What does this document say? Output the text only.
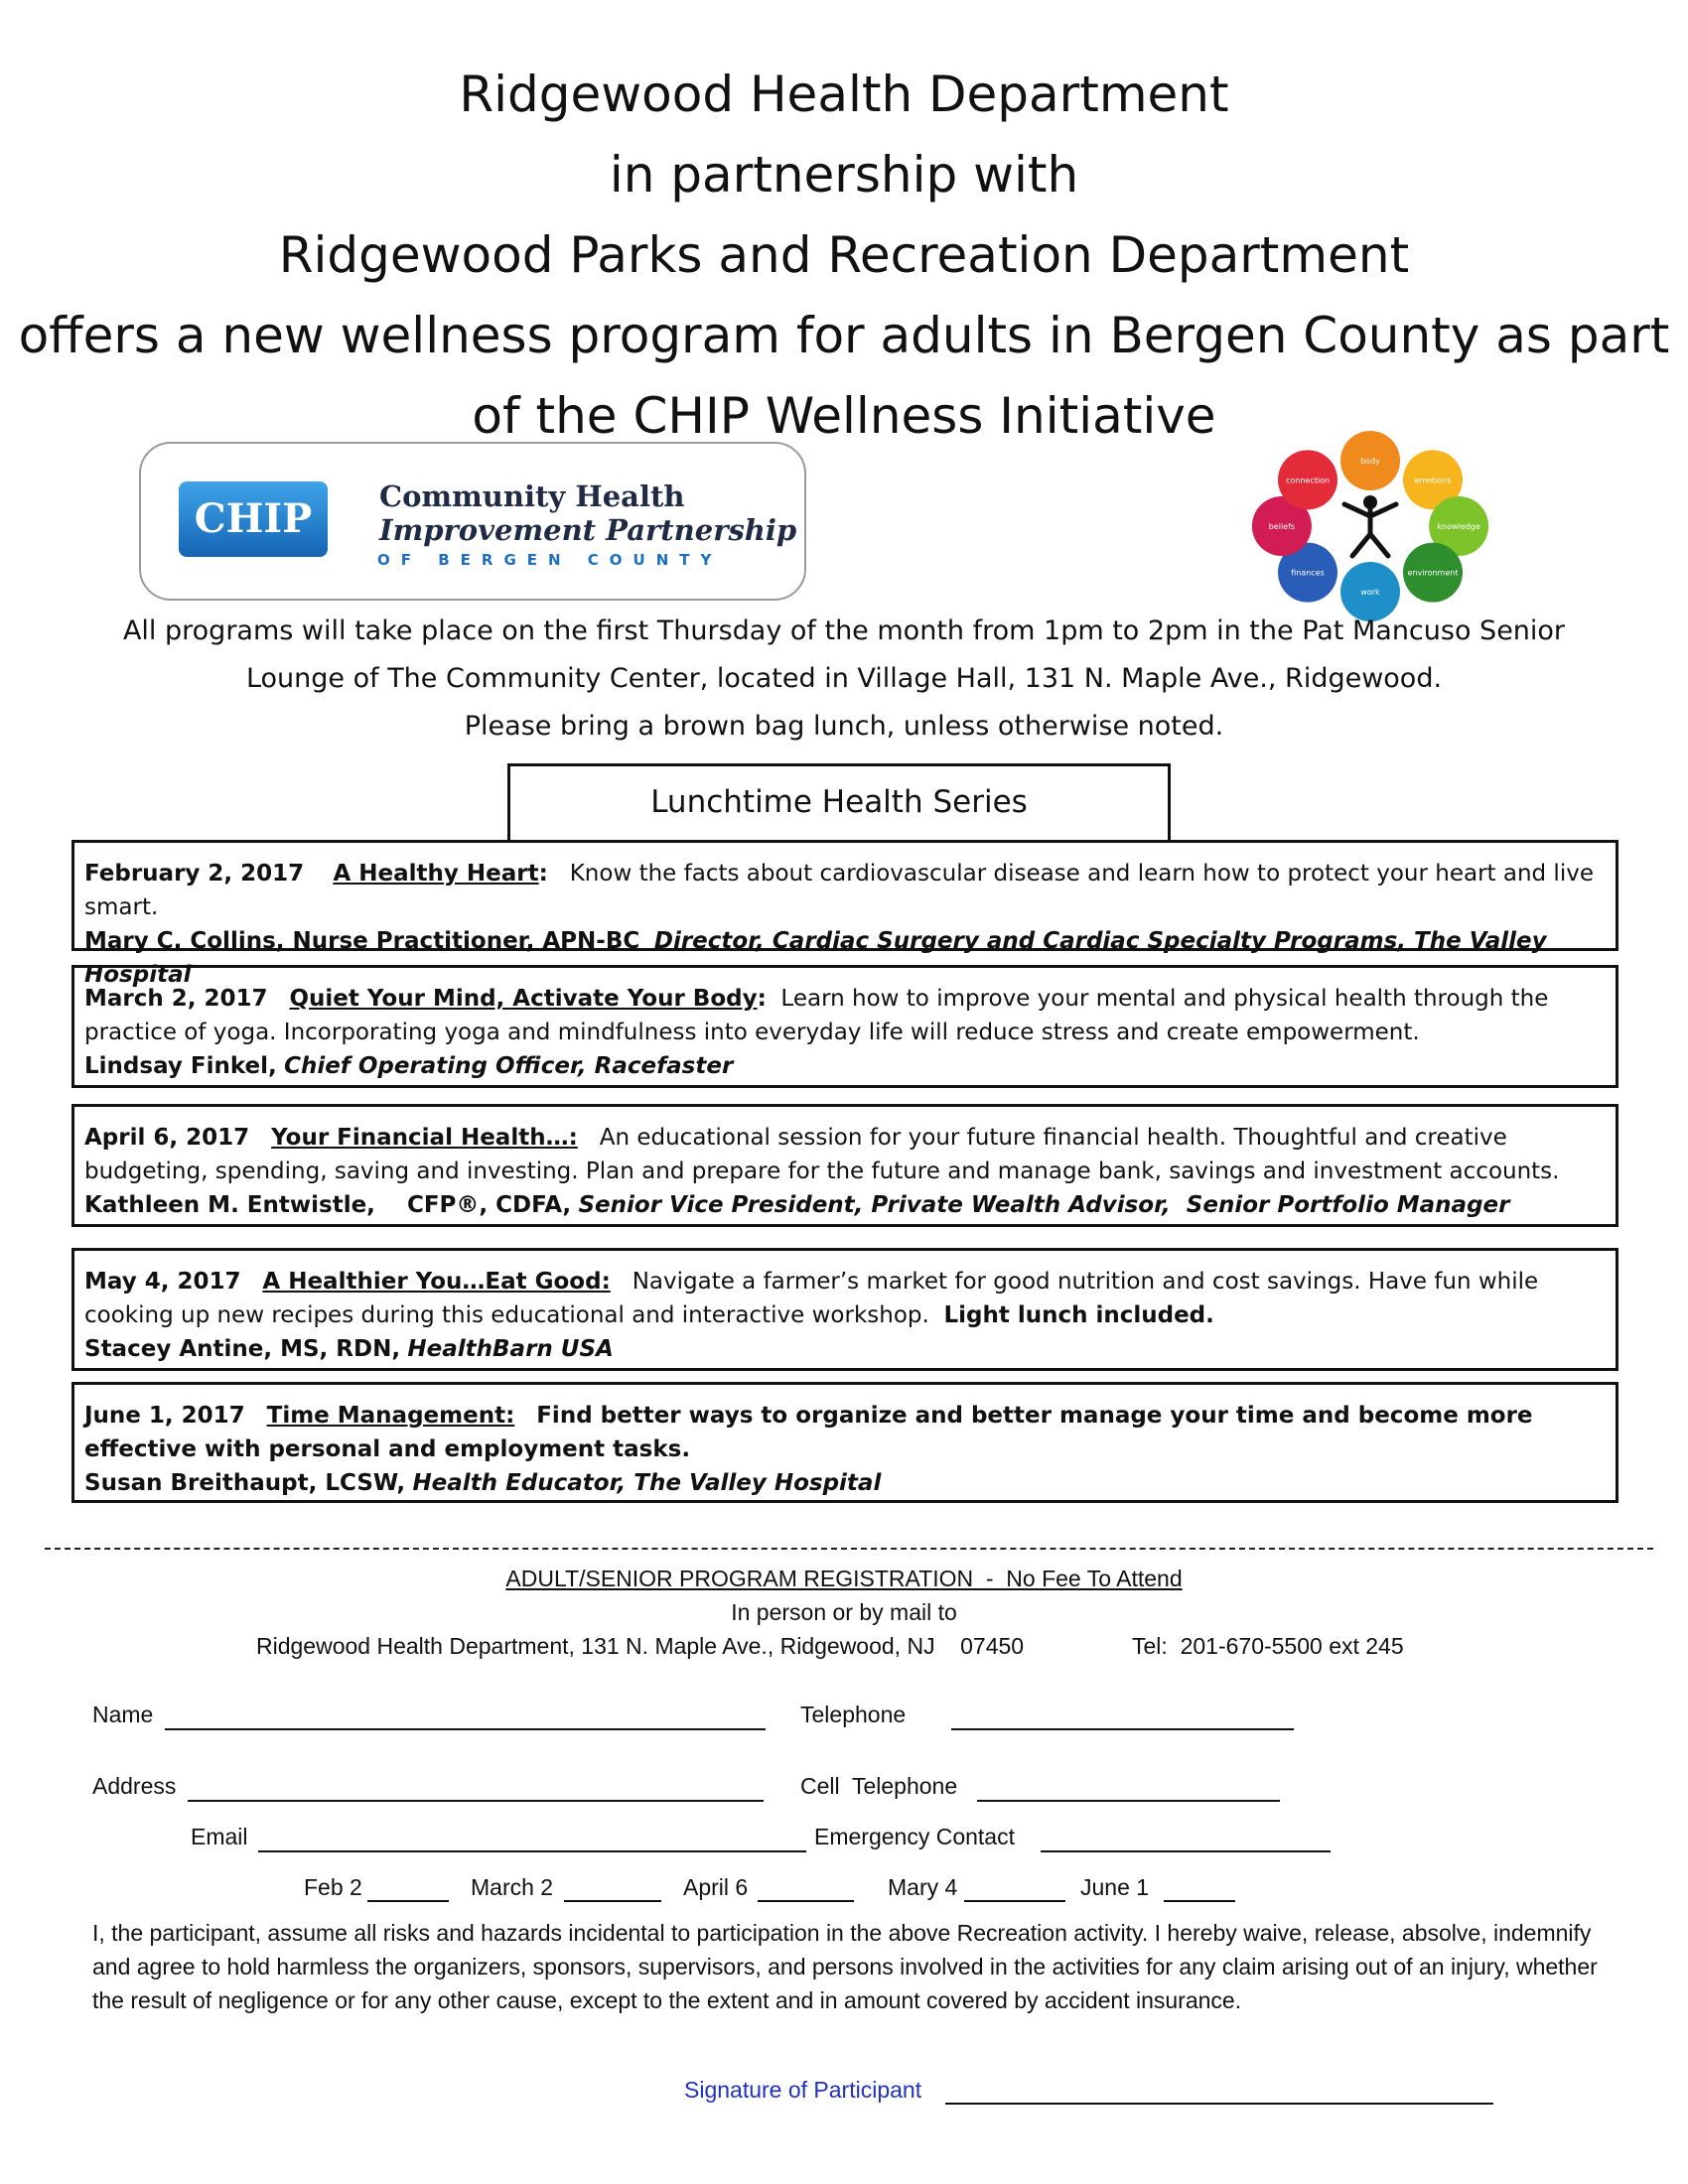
Ridgewood Health Department
in partnership with
Ridgewood Parks and Recreation Department
offers a new wellness program for adults in Bergen County as part
of the CHIP Wellness Initiative
CHIP	Community Health
Improvement Partnership
OF BERGEN COUNTY
body
emotions
knowledge
environment
work
finances
beliefs
connection
All programs will take place on the first Thursday of the month from 1pm to 2pm in the Pat Mancuso Senior
Lounge of The Community Center, located in Village Hall, 131 N. Maple Ave., Ridgewood.
Please bring a brown bag lunch, unless otherwise noted.
Lunchtime Health Series
February 2, 2017 A Healthy Heart: Know the facts about cardiovascular disease and learn how to protect your heart and live smart.
Mary C. Collins, Nurse Practitioner, APN-BC Director, Cardiac Surgery and Cardiac Specialty Programs, The Valley Hospital
March 2, 2017 Quiet Your Mind, Activate Your Body: Learn how to improve your mental and physical health through the practice of yoga. Incorporating yoga and mindfulness into everyday life will reduce stress and create empowerment.
Lindsay Finkel, Chief Operating Officer, Racefaster
April 6, 2017 Your Financial Health…: An educational session for your future financial health. Thoughtful and creative budgeting, spending, saving and investing. Plan and prepare for the future and manage bank, savings and investment accounts.
Kathleen M. Entwistle,    CFP®, CDFA, Senior Vice President, Private Wealth Advisor,  Senior Portfolio Manager
May 4, 2017 A Healthier You…Eat Good: Navigate a farmer’s market for good nutrition and cost savings. Have fun while cooking up new recipes during this educational and interactive workshop. Light lunch included.
Stacey Antine, MS, RDN, HealthBarn USA
June 1, 2017 Time Management: Find better ways to organize and better manage your time and become more effective with personal and employment tasks.
Susan Breithaupt, LCSW, Health Educator, The Valley Hospital
ADULT/SENIOR PROGRAM REGISTRATION  -  No Fee To Attend
In person or by mail to
Ridgewood Health Department, 131 N. Maple Ave., Ridgewood, NJ    07450	Tel:  201-670-5500 ext 245
Name	Telephone
Address	Cell  Telephone
Email	Emergency Contact
Feb 2	March 2	April 6	Mary 4	June 1
I, the participant, assume all risks and hazards incidental to participation in the above Recreation activity. I hereby waive, release, absolve, indemnify and agree to hold harmless the organizers, sponsors, supervisors, and persons involved in the activities for any claim arising out of an injury, whether the result of negligence or for any other cause, except to the extent and in amount covered by accident insurance.
Signature of Participant
